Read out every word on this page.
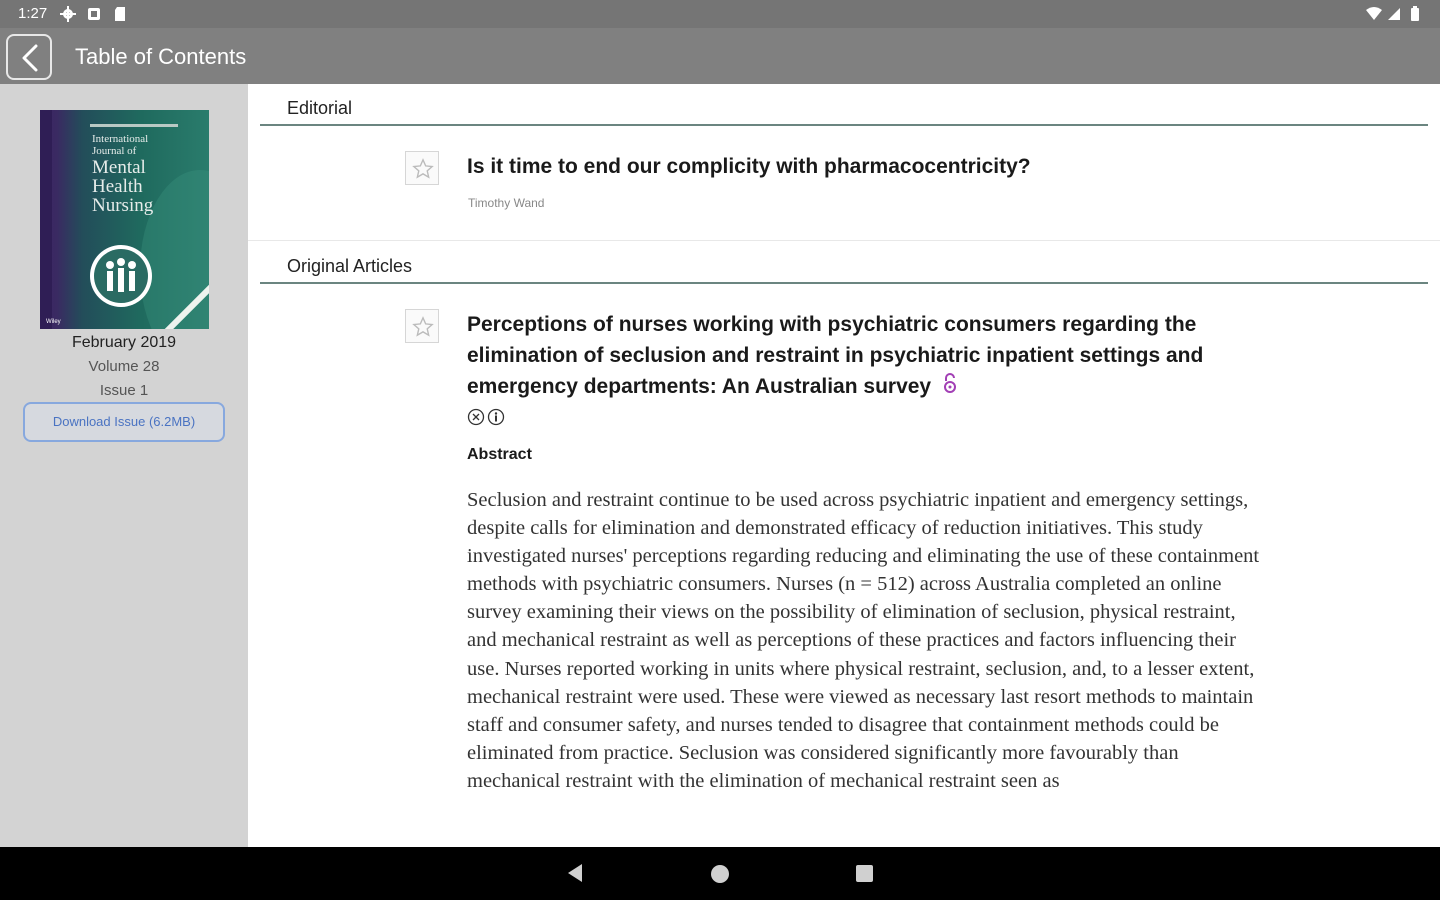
1:27
Table of Contents
International
Journal of
Mental
Health
Nursing
Wiley
February 2019
Volume 28
Issue 1
Download Issue (6.2MB)
Editorial
Is it time to end our complicity with pharmacocentricity?
Timothy Wand
Original Articles
Perceptions of nurses working with psychiatric consumers regarding the elimination of seclusion and restraint in psychiatric inpatient settings and emergency departments: An Australian survey
Abstract
Seclusion and restraint continue to be used across psychiatric inpatient and emergency settings, despite calls for elimination and demonstrated efficacy of reduction initiatives. This study investigated nurses' perceptions regarding reducing and eliminating the use of these containment methods with psychiatric consumers. Nurses (n = 512) across Australia completed an online survey examining their views on the possibility of elimination of seclusion, physical restraint, and mechanical restraint as well as perceptions of these practices and factors influencing their use. Nurses reported working in units where physical restraint, seclusion, and, to a lesser extent, mechanical restraint were used. These were viewed as necessary last resort methods to maintain staff and consumer safety, and nurses tended to disagree that containment methods could be eliminated from practice. Seclusion was considered significantly more favourably than mechanical restraint with the elimination of mechanical restraint seen as
